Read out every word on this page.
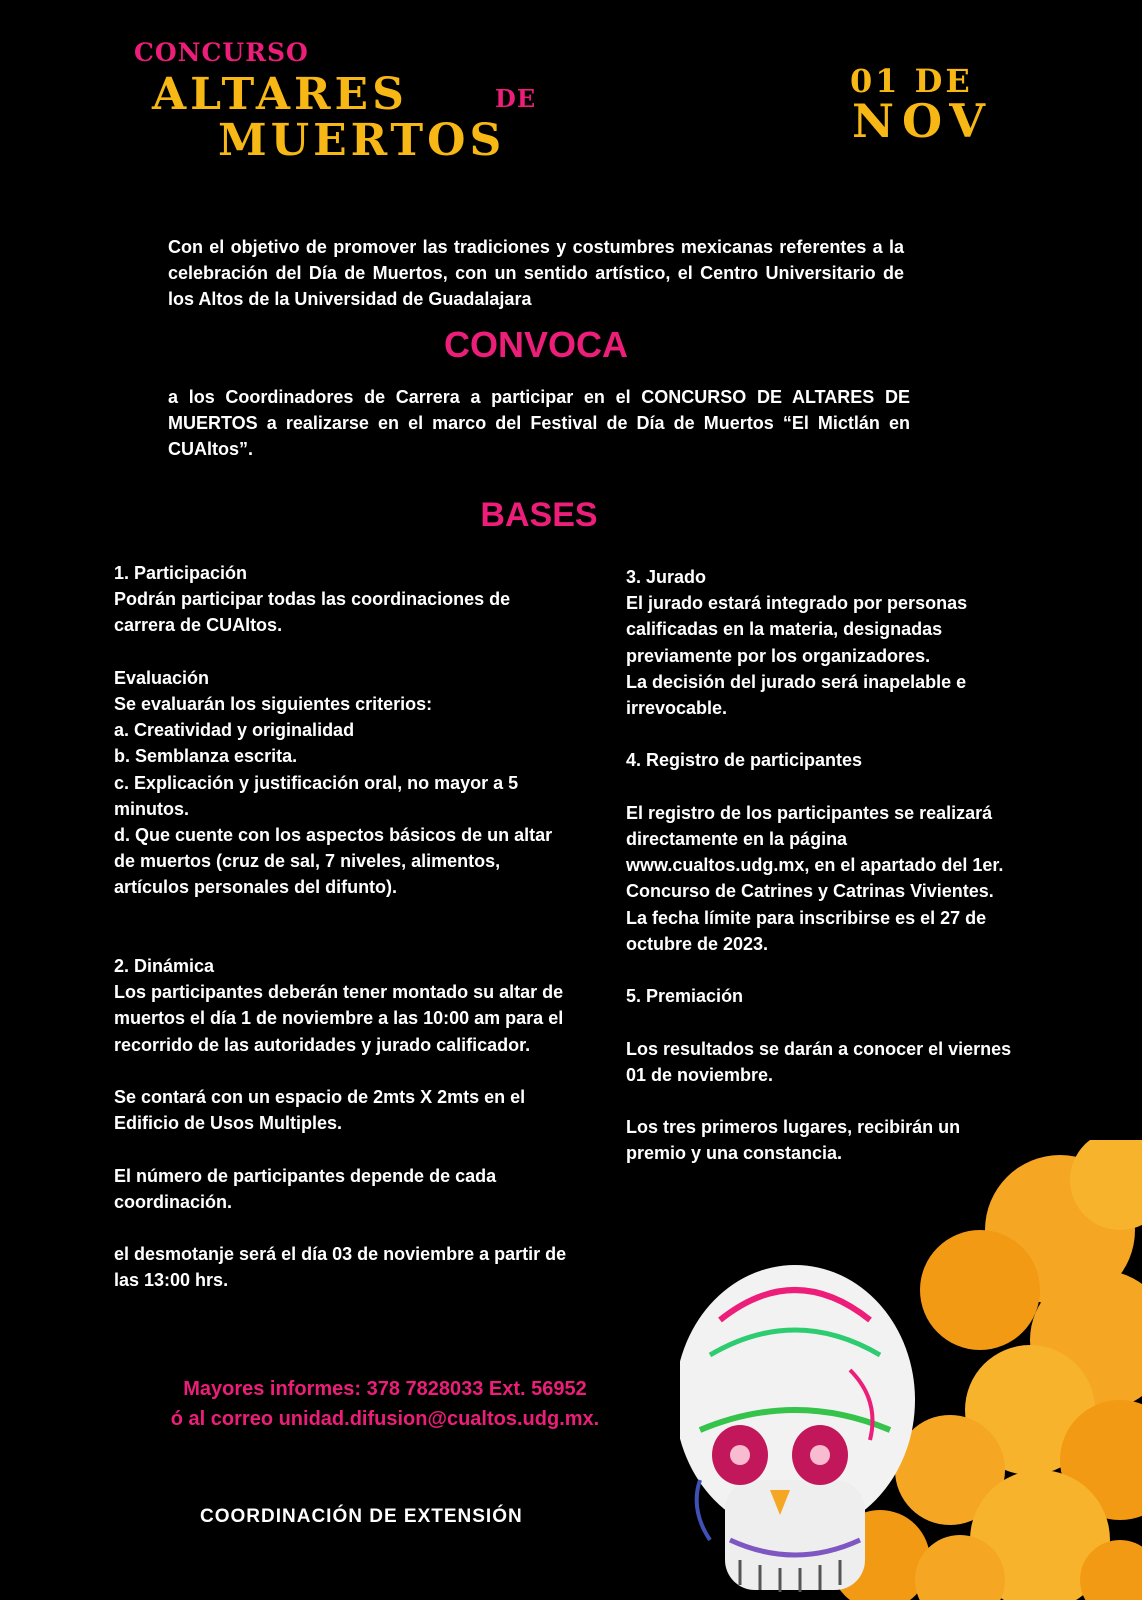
CONCURSO
ALTARES	DE
MUERTOS
01 DE
NOV
Con el objetivo de promover las tradiciones y costumbres mexicanas referentes a la celebración del Día de Muertos, con un sentido artístico, el Centro Universitario de los Altos de la Universidad de Guadalajara
CONVOCA
a los Coordinadores de Carrera a participar en el CONCURSO DE ALTARES DE MUERTOS a realizarse en el marco del Festival de Día de Muertos “El Mictlán en CUAltos”.
BASES
1. Participación
Podrán participar todas las coordinaciones de carrera de CUAltos.

Evaluación
Se evaluarán los siguientes criterios:
a. Creatividad y originalidad
b. Semblanza escrita.
c. Explicación y justificación oral, no mayor a 5 minutos.
d. Que cuente con los aspectos básicos de un altar de muertos (cruz de sal, 7 niveles, alimentos, artículos personales del difunto).

2. Dinámica
Los participantes deberán tener montado su altar de muertos el día 1 de noviembre a las 10:00 am para el recorrido de las autoridades y jurado calificador.

Se contará con un espacio de 2mts X 2mts en el Edificio de Usos Multiples.

El número de participantes depende de cada coordinación.

el desmotanje será el día 03 de noviembre a partir de las 13:00 hrs.
3. Jurado
El jurado estará integrado por personas calificadas en la materia, designadas previamente por los organizadores.
La decisión del jurado será inapelable e irrevocable.

4. Registro de participantes

El registro de los participantes se realizará directamente en la página www.cualtos.udg.mx, en el apartado del 1er. Concurso de Catrines y Catrinas Vivientes.
La fecha límite para inscribirse es el 27 de octubre de 2023.

5. Premiación

Los resultados se darán a conocer el viernes 01 de noviembre.

Los tres primeros lugares, recibirán un premio y una constancia.
Mayores informes: 378 7828033 Ext. 56952
ó al correo unidad.difusion@cualtos.udg.mx.
COORDINACIÓN DE EXTENSIÓN
